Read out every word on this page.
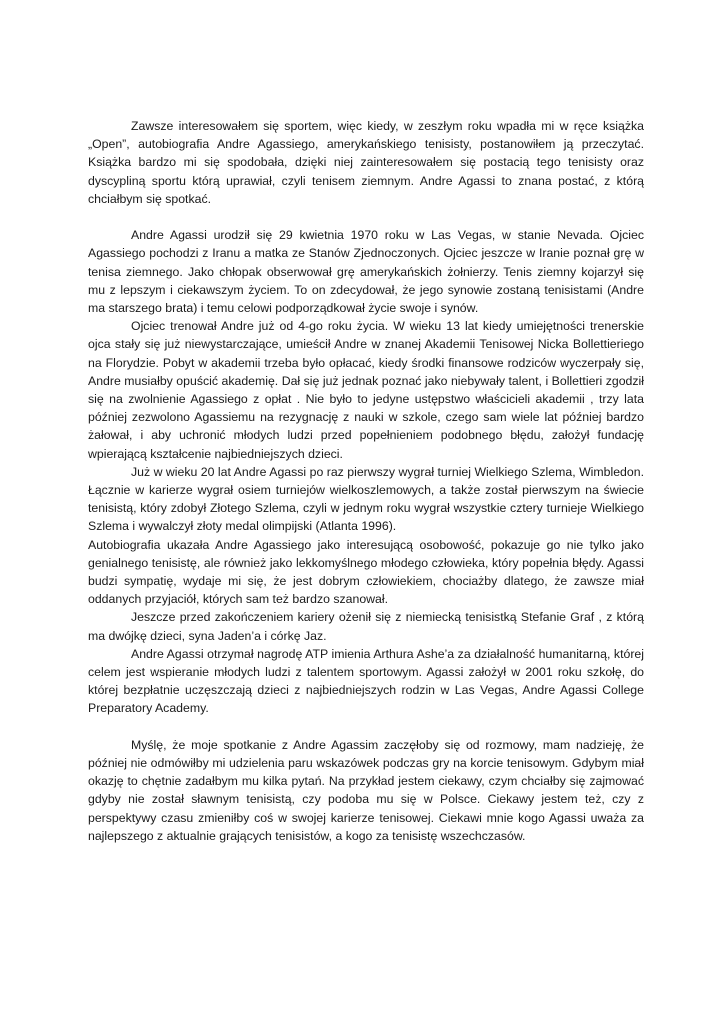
Zawsze interesowałem się sportem, więc kiedy, w zeszłym roku wpadła mi w ręce książka „Open”, autobiografia Andre Agassiego, amerykańskiego tenisisty, postanowiłem ją przeczytać. Książka bardzo mi się spodobała, dzięki niej zainteresowałem się postacią tego tenisisty oraz dyscypliną sportu którą uprawiał, czyli tenisem ziemnym. Andre Agassi to znana postać, z którą chciałbym się spotkać.

Andre Agassi urodził się 29 kwietnia 1970 roku w Las Vegas, w stanie Nevada. Ojciec Agassiego pochodzi z Iranu a matka ze Stanów Zjednoczonych. Ojciec jeszcze w Iranie poznał grę w tenisa ziemnego. Jako chłopak obserwował grę amerykańskich żołnierzy. Tenis ziemny kojarzył się mu z lepszym i ciekawszym życiem. To on zdecydował, że jego synowie zostaną tenisistami (Andre ma starszego brata) i temu celowi podporządkował życie swoje i synów.

Ojciec trenował Andre już od 4-go roku życia. W wieku 13 lat kiedy umiejętności trenerskie ojca stały się już niewystarczające, umieścił Andre w znanej Akademii Tenisowej Nicka Bollettieriego na Florydzie. Pobyt w akademii trzeba było opłacać, kiedy środki finansowe rodziców wyczerpały się, Andre musiałby opuścić akademię. Dał się już jednak poznać jako niebywały talent, i Bollettieri zgodził się na zwolnienie Agassiego z opłat . Nie było to jedyne ustępstwo właścicieli akademii , trzy lata później zezwolono Agassiemu na rezygnację z nauki w szkole, czego sam wiele lat później bardzo żałował, i aby uchronić młodych ludzi przed popełnieniem podobnego błędu, założył fundację wpierającą kształcenie najbiedniejszych dzieci.

Już w wieku 20 lat Andre Agassi po raz pierwszy wygrał turniej Wielkiego Szlema, Wimbledon. Łącznie w karierze wygrał osiem turniejów wielkoszlemowych, a także został pierwszym na świecie tenisistą, który zdobył Złotego Szlema, czyli w jednym roku wygrał wszystkie cztery turnieje Wielkiego Szlema i wywalczył złoty medal olimpijski (Atlanta 1996).

Autobiografia ukazała Andre Agassiego jako interesującą osobowość, pokazuje go nie tylko jako genialnego tenisistę, ale również jako lekkomyślnego młodego człowieka, który popełnia błędy. Agassi budzi sympatię, wydaje mi się, że jest dobrym człowiekiem, chociażby dlatego, że zawsze miał oddanych przyjaciół, których sam też bardzo szanował.

Jeszcze przed zakończeniem kariery ożenił się z niemiecką tenisistką Stefanie Graf , z którą ma dwójkę dzieci, syna Jaden’a i córkę Jaz.

Andre Agassi otrzymał nagrodę ATP imienia Arthura Ashe’a za działalność humanitarną, której celem jest wspieranie młodych ludzi z talentem sportowym. Agassi założył w 2001 roku szkołę, do której bezpłatnie uczęszczają dzieci z najbiedniejszych rodzin w Las Vegas, Andre Agassi College Preparatory Academy.

Myślę, że moje spotkanie z Andre Agassim zaczęłoby się od rozmowy, mam nadzieję, że później nie odmówiłby mi udzielenia paru wskazówek podczas gry na korcie tenisowym. Gdybym miał okazję to chętnie zadałbym mu kilka pytań. Na przykład jestem ciekawy, czym chciałby się zajmować gdyby nie został sławnym tenisistą, czy podoba mu się w Polsce. Ciekawy jestem też, czy z perspektywy czasu zmieniłby coś w swojej karierze tenisowej. Ciekawi mnie kogo Agassi uważa za najlepszego z aktualnie grających tenisistów, a kogo za tenisistę wszechczasów.
